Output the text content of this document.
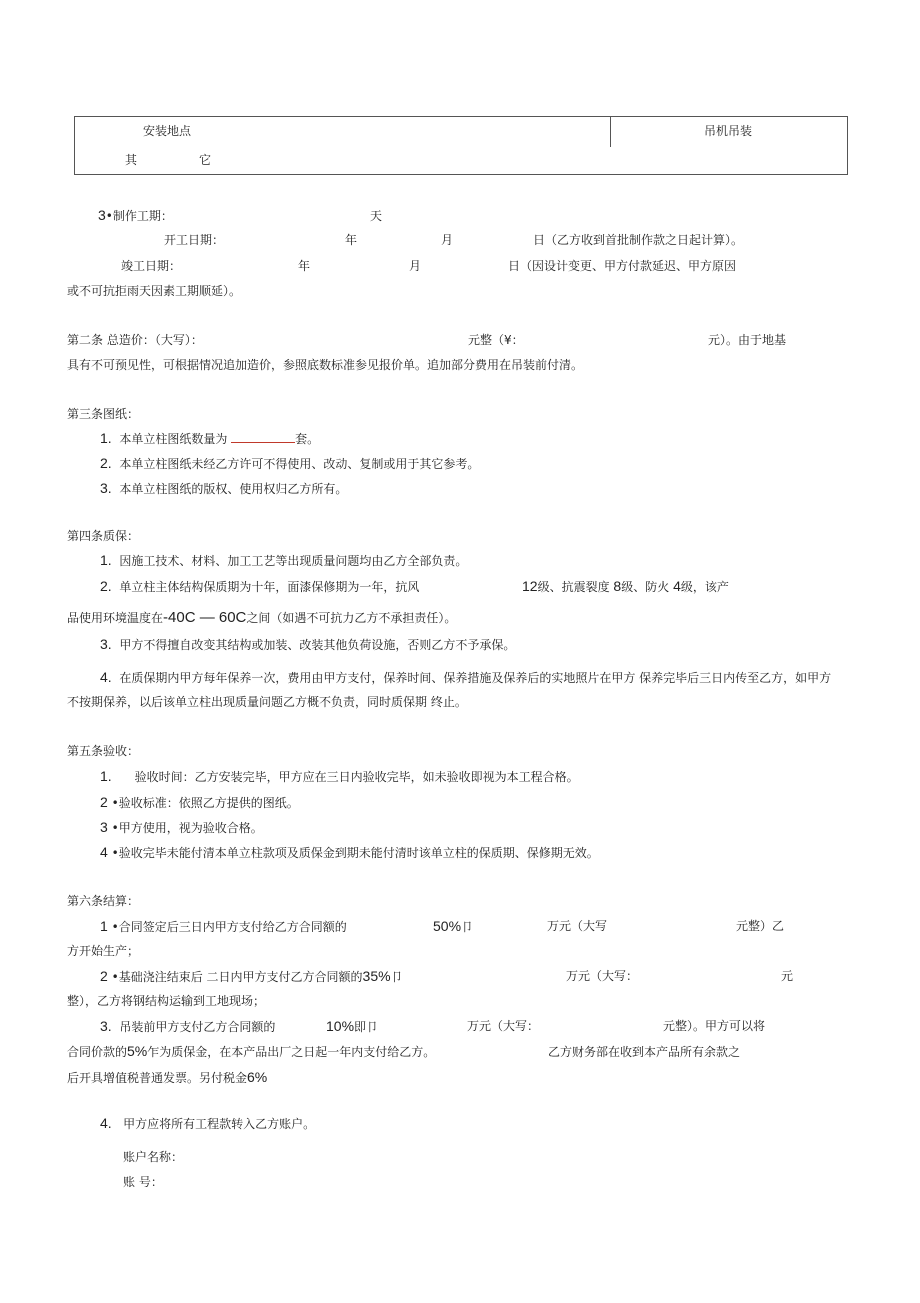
安装地点	吊机吊装
其	它
3•制作工期：	天
开工日期：	年	月	日（乙方收到首批制作款之日起计算）。
竣工日期：	年	月	日（因设计变更、甲方付款延迟、甲方原因
或不可抗拒雨天因素工期顺延）。
第二条 总造价：（大写）：	元整（¥：	元）。由于地基
具有不可预见性，可根据情况追加造价，参照底数标准参见报价单。追加部分费用在吊装前付清。
第三条图纸：
1. 本单立柱图纸数量为	套。
2. 本单立柱图纸未经乙方许可不得使用、改动、复制或用于其它参考。
3. 本单立柱图纸的版权、使用权归乙方所有。
第四条质保：
1. 因施工技术、材料、加工工艺等出现质量问题均由乙方全部负责。
2. 单立柱主体结构保质期为十年，面漆保修期为一年，抗风	12级、抗震裂度 8级、防火 4级，该产
品使用环境温度在-40C — 60C之间（如遇不可抗力乙方不承担责任）。
3. 甲方不得擅自改变其结构或加装、改装其他负荷设施，否则乙方不予承保。
4. 在质保期内甲方每年保养一次，费用由甲方支付，保养时间、保养措施及保养后的实地照片在甲方 保养完毕后三日内传至乙方，如甲方
不按期保养，以后该单立柱出现质量问题乙方概不负责，同时质保期 终止。
第五条验收：
1. 验收时间：乙方安装完毕，甲方应在三日内验收完毕，如未验收即视为本工程合格。
2 •验收标准：依照乙方提供的图纸。
3 •甲方使用，视为验收合格。
4 •验收完毕未能付清本单立柱款项及质保金到期未能付清时该单立柱的保质期、保修期无效。
第六条结算：
1 •合同签定后三日内甲方支付给乙方合同额的	50%卩	万元（大写	元整）乙
方开始生产；
2 •基础浇注结束后 二日内甲方支付乙方合同额的35%卩	万元（大写：	元
整），乙方将钢结构运输到工地现场；
3. 吊装前甲方支付乙方合同额的	10%即卩	万元（大写：	元整）。甲方可以将
合同价款的5%乍为质保金，在本产品出厂之日起一年内支付给乙方。	乙方财务部在收到本产品所有余款之
后开具增值税普通发票。另付税金6%
4. 甲方应将所有工程款转入乙方账户。
账户名称：
账 号：
